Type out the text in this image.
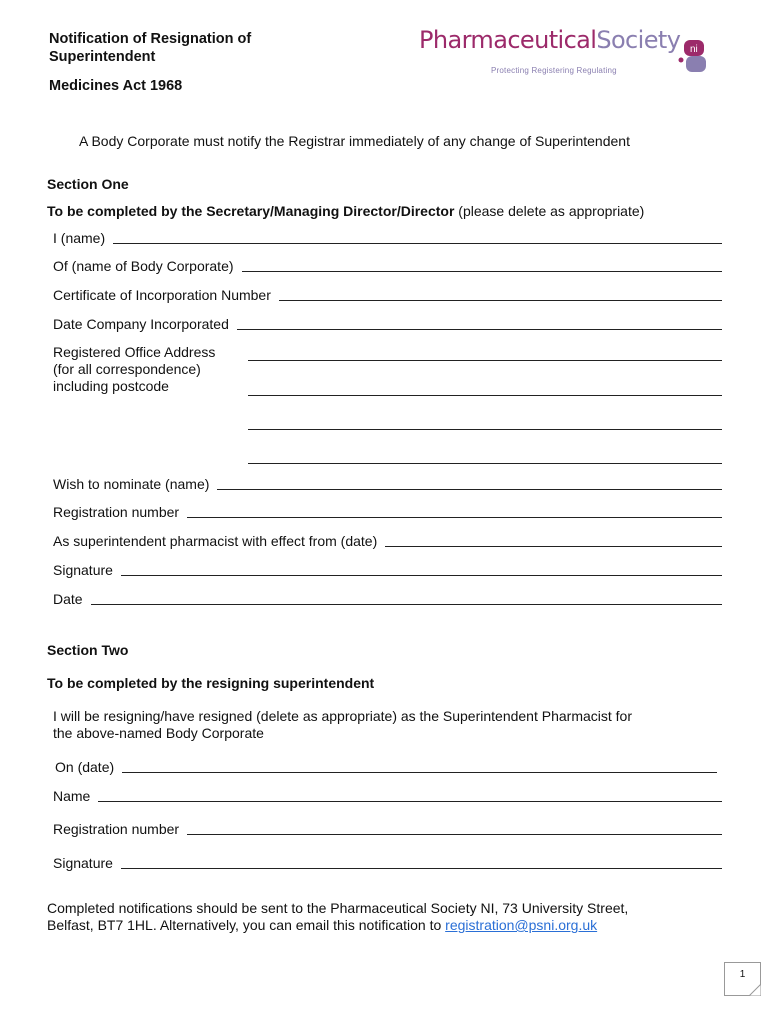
Notification of Resignation of
Superintendent
Medicines Act 1968
PharmaceuticalSociety ni
Protecting Registering Regulating
A Body Corporate must notify the Registrar immediately of any change of Superintendent
Section One
To be completed by the Secretary/Managing Director/Director (please delete as appropriate)
I (name)
Of (name of Body Corporate)
Certificate of Incorporation Number
Date Company Incorporated
Registered Office Address
(for all correspondence)
including postcode
Wish to nominate (name)
Registration number
As superintendent pharmacist with effect from (date)
Signature
Date
Section Two
To be completed by the resigning superintendent
I will be resigning/have resigned (delete as appropriate) as the Superintendent Pharmacist for
the above-named Body Corporate
On (date)
Name
Registration number
Signature
Completed notifications should be sent to the Pharmaceutical Society NI, 73 University Street,
Belfast, BT7 1HL. Alternatively, you can email this notification to registration@psni.org.uk
1
